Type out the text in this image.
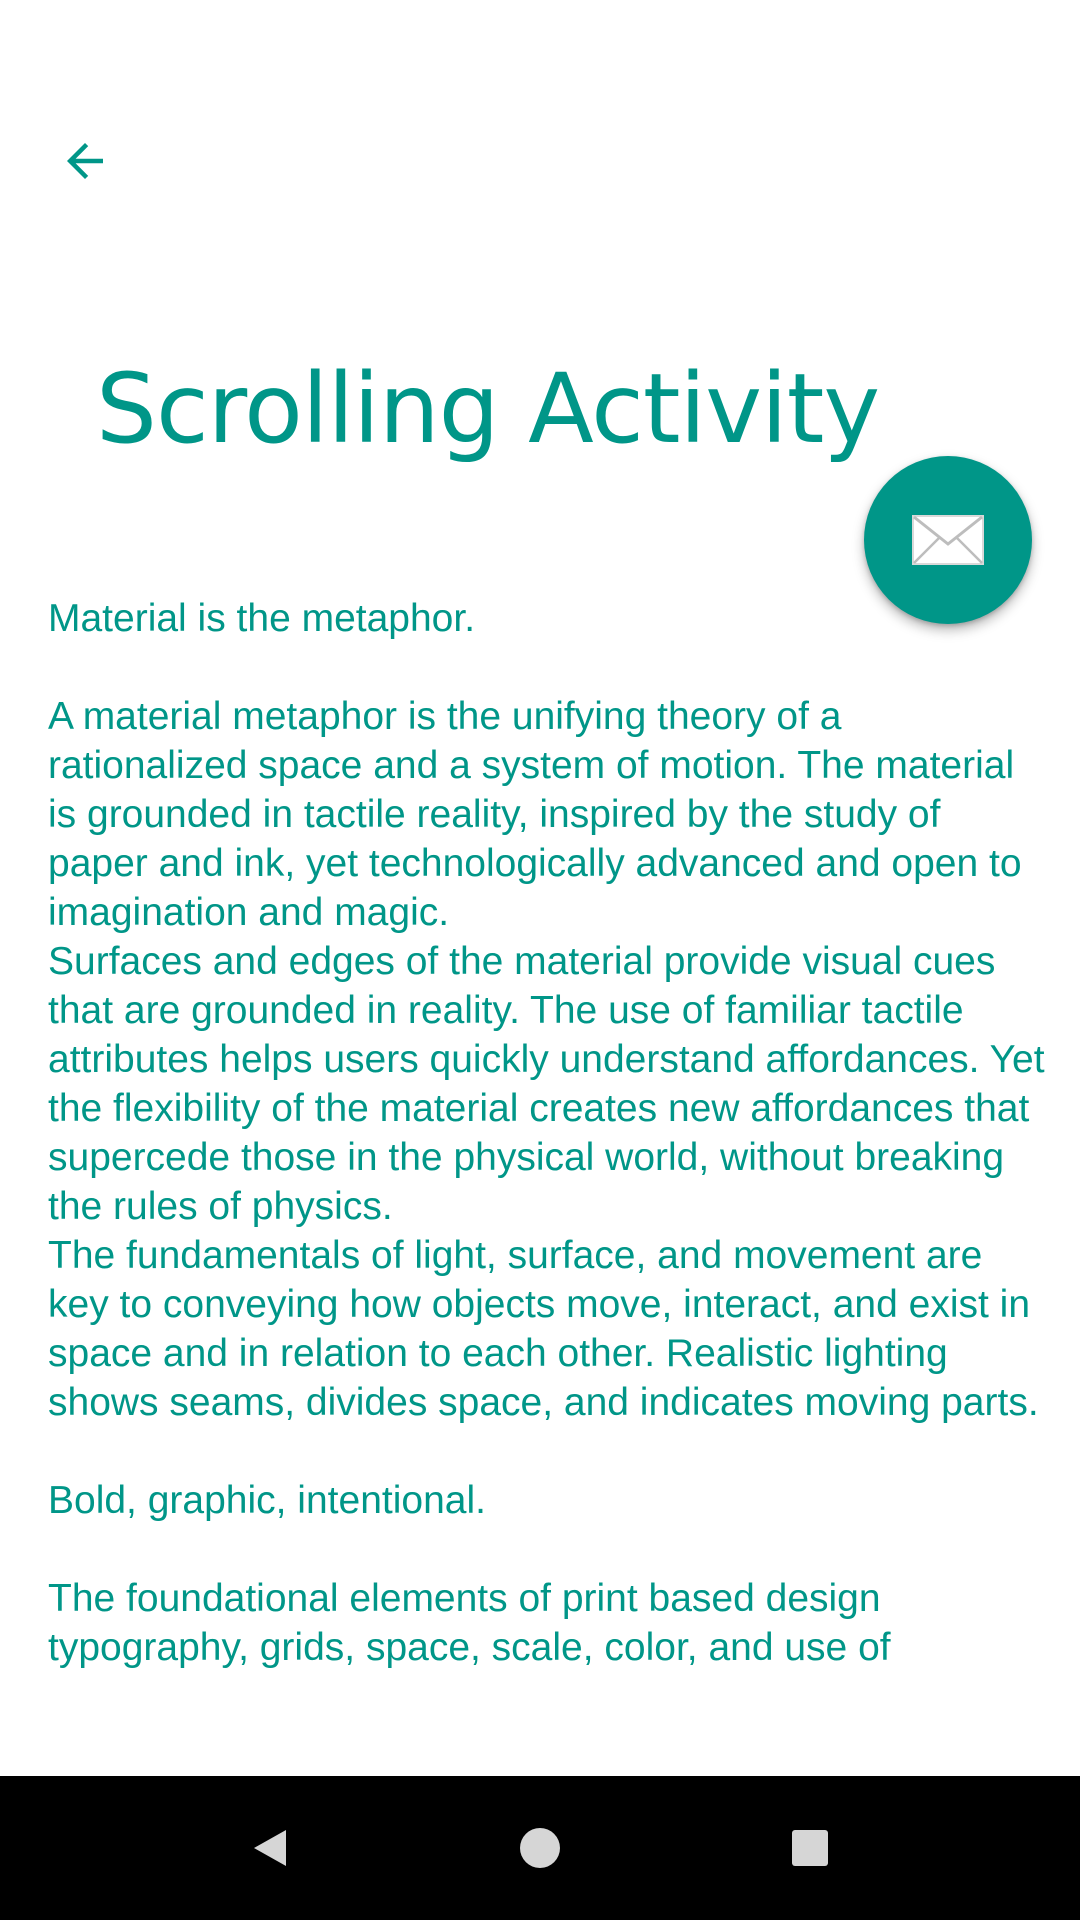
Scrolling Activity

Material is the metaphor.

A material metaphor is the unifying theory of a rationalized space and a system of motion. The material is grounded in tactile reality, inspired by the study of paper and ink, yet technologically advanced and open to imagination and magic.
Surfaces and edges of the material provide visual cues that are grounded in reality. The use of familiar tactile attributes helps users quickly understand affordances. Yet the flexibility of the material creates new affordances that supercede those in the physical world, without breaking the rules of physics.
The fundamentals of light, surface, and movement are key to conveying how objects move, interact, and exist in space and in relation to each other. Realistic lighting shows seams, divides space, and indicates moving parts.

Bold, graphic, intentional.

The foundational elements of print based design typography, grids, space, scale, color, and use of
